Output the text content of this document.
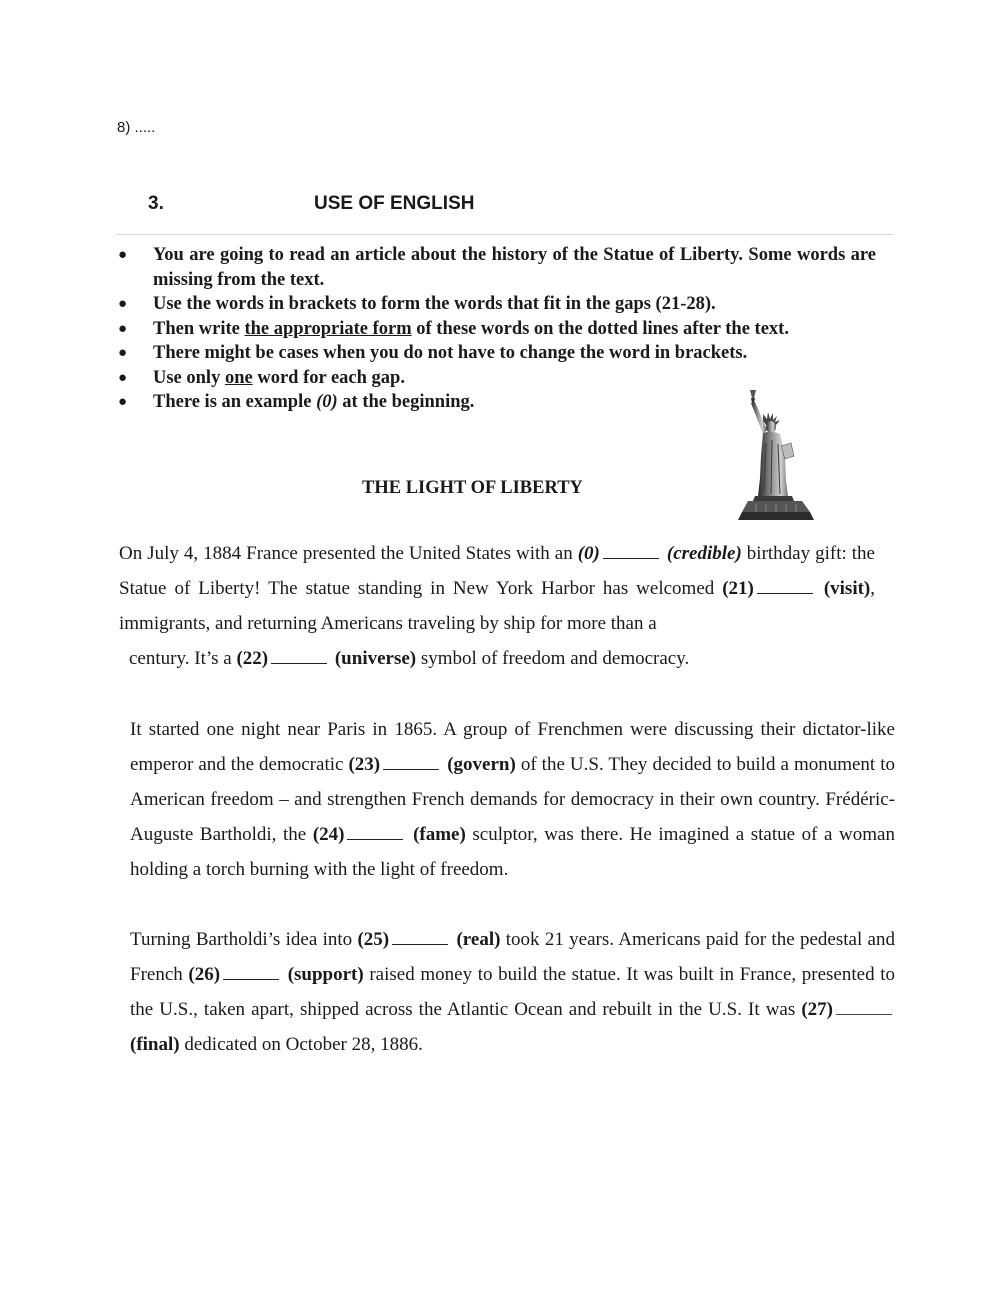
8) .....
3.	USE OF ENGLISH
● You are going to read an article about the history of the Statue of Liberty. Some words are missing from the text.
● Use the words in brackets to form the words that fit in the gaps (21-28).
● Then write the appropriate form of these words on the dotted lines after the text.
● There might be cases when you do not have to change the word in brackets.
● Use only one word for each gap.
● There is an example (0) at the beginning.
THE LIGHT OF LIBERTY

On July 4, 1884 France presented the United States with an (0)	(credible) birthday gift: the Statue of Liberty! The statue standing in New York Harbor has welcomed (21)	(visit), immigrants, and returning Americans traveling by ship for more than a
century. It’s a (22)	(universe) symbol of freedom and democracy.

It started one night near Paris in 1865. A group of Frenchmen were discussing their dictator-like emperor and the democratic (23)	(govern) of the U.S. They decided to build a monument to American freedom – and strengthen French demands for democracy in their own country. Frédéric-Auguste Bartholdi, the (24)	(fame) sculptor, was there. He imagined a statue of a woman holding a torch burning with the light of freedom.

Turning Bartholdi’s idea into (25)	(real) took 21 years. Americans paid for the pedestal and French (26)	(support) raised money to build the statue. It was built in France, presented to the U.S., taken apart, shipped across the Atlantic Ocean and rebuilt in the U.S. It was (27) (final) dedicated on October 28, 1886.
